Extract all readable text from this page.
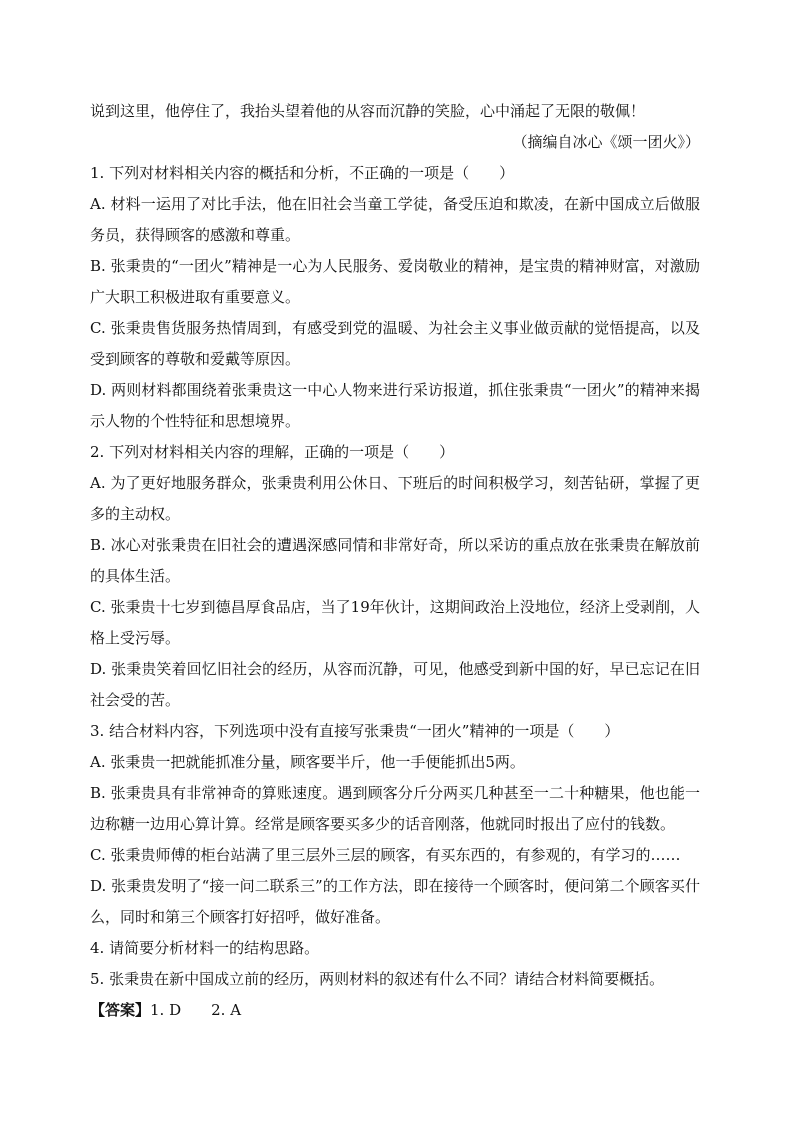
说到这里，他停住了，我抬头望着他的从容而沉静的笑脸，心中涌起了无限的敬佩！

（摘编自冰心《颂一团火》）

1. 下列对材料相关内容的概括和分析，不正确的一项是（　　）

A. 材料一运用了对比手法，他在旧社会当童工学徒，备受压迫和欺凌，在新中国成立后做服务员，获得顾客的感激和尊重。

B. 张秉贵的“一团火”精神是一心为人民服务、爱岗敬业的精神，是宝贵的精神财富，对激励广大职工积极进取有重要意义。

C. 张秉贵售货服务热情周到，有感受到党的温暖、为社会主义事业做贡献的觉悟提高，以及受到顾客的尊敬和爱戴等原因。

D. 两则材料都围绕着张秉贵这一中心人物来进行采访报道，抓住张秉贵“一团火”的精神来揭示人物的个性特征和思想境界。

2. 下列对材料相关内容的理解，正确的一项是（　　）

A. 为了更好地服务群众，张秉贵利用公休日、下班后的时间积极学习，刻苦钻研，掌握了更多的主动权。

B. 冰心对张秉贵在旧社会的遭遇深感同情和非常好奇，所以采访的重点放在张秉贵在解放前的具体生活。

C. 张秉贵十七岁到德昌厚食品店，当了19年伙计，这期间政治上没地位，经济上受剥削，人格上受污辱。

D. 张秉贵笑着回忆旧社会的经历，从容而沉静，可见，他感受到新中国的好，早已忘记在旧社会受的苦。

3. 结合材料内容，下列选项中没有直接写张秉贵“一团火”精神的一项是（　　）

A. 张秉贵一把就能抓准分量，顾客要半斤，他一手便能抓出5两。

B. 张秉贵具有非常神奇的算账速度。遇到顾客分斤分两买几种甚至一二十种糖果，他也能一边称糖一边用心算计算。经常是顾客要买多少的话音刚落，他就同时报出了应付的钱数。

C. 张秉贵师傅的柜台站满了里三层外三层的顾客，有买东西的，有参观的，有学习的……

D. 张秉贵发明了“接一问二联系三”的工作方法，即在接待一个顾客时，便问第二个顾客买什么，同时和第三个顾客打好招呼，做好准备。

4. 请简要分析材料一的结构思路。

5. 张秉贵在新中国成立前的经历，两则材料的叙述有什么不同？请结合材料简要概括。

【答案】1. D　　2. A
